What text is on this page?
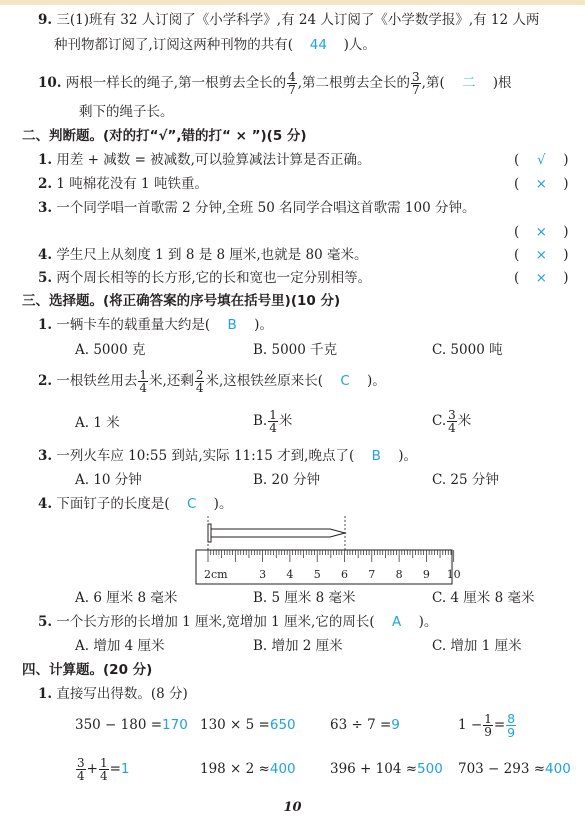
9. 三(1)班有 32 人订阅了《小学科学》,有 24 人订阅了《小学数学报》,有 12 人两
种刊物都订阅了,订阅这两种刊物的共有( 44 )人。
10. 两根一样长的绳子,第一根剪去全长的 $\frac{4}{7}$ ,第二根剪去全长的 $\frac{3}{7}$ ,第( 二 )根
剩下的绳子长。
二、判断题。(对的打“√”,错的打“ × ”)(5 分)
1. 用差 + 减数 = 被减数,可以验算减法计算是否正确。	( √ )
2. 1 吨棉花没有 1 吨铁重。	( × )
3. 一个同学唱一首歌需 2 分钟,全班 50 名同学合唱这首歌需 100 分钟。
( × )
4. 学生尺上从刻度 1 到 8 是 8 厘米,也就是 80 毫米。	( × )
5. 两个周长相等的长方形,它的长和宽也一定分别相等。	( × )
三、选择题。(将正确答案的序号填在括号里)(10 分)
1. 一辆卡车的载重量大约是( B )。
A. 5000 克	B. 5000 千克	C. 5000 吨
2. 一根铁丝用去 $\frac{1}{4}$ 米,还剩 $\frac{2}{4}$ 米,这根铁丝原来长( C )。
A. 1 米	B. $\frac{1}{4}$ 米	C. $\frac{3}{4}$ 米
3. 一列火车应 10:55 到站,实际 11:15 才到,晚点了( B )。
A. 10 分钟	B. 20 分钟	C. 25 分钟
4. 下面钉子的长度是( C )。
2cm	3 4 5 6 7 8 9 10
A. 6 厘米 8 毫米	B. 5 厘米 8 毫米	C. 4 厘米 8 毫米
5. 一个长方形的长增加 1 厘米,宽增加 1 厘米,它的周长( A )。
A. 增加 4 厘米	B. 增加 2 厘米	C. 增加 1 厘米
四、计算题。(20 分)
1. 直接写出得数。(8 分)
350 − 180 =170 130 × 5 =650	63 ÷ 7 =9	$1 - \frac{1}{9} = \frac{8}{9}$
$\frac{3}{4} + \frac{1}{4} =1$	198 × 2 ≈400	396 + 104 ≈500 703 − 293 ≈400
10
